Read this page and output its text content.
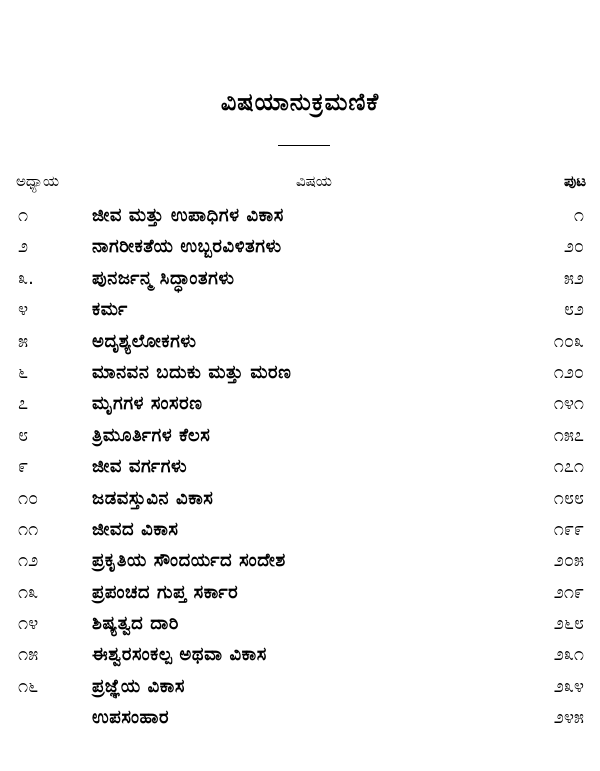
ವಿಷಯಾನುಕ್ರಮಣಿಕೆ
ಅಧ್ಯಾಯ	ವಿಷಯ	ಪುಟ
೧	ಜೀವ ಮತ್ತು ಉಪಾಧಿಗಳ ವಿಕಾಸ	೧
೨	ನಾಗರೀಕತೆಯ ಉಬ್ಬರವಿಳಿತಗಳು	೨೦
೩.	ಪುನರ್ಜನ್ಮ ಸಿದ್ಧಾಂತಗಳು	೫೨
೪	ಕರ್ಮ	೮೨
೫	ಅದೃಶ್ಯಲೋಕಗಳು	೧೦೩
೬	ಮಾನವನ ಬದುಕು ಮತ್ತು ಮರಣ	೧೨೦
೭	ಮೃಗಗಳ ಸಂಸರಣ	೧೪೧
೮	ತ್ರಿಮೂರ್ತಿಗಳ ಕೆಲಸ	೧೫೭
೯	ಜೀವ ವರ್ಗಗಳು	೧೭೧
೧೦	ಜಡವಸ್ತುವಿನ ವಿಕಾಸ	೧೮೮
೧೧	ಜೀವದ ವಿಕಾಸ	೧೯೯
೧೨	ಪ್ರಕೃತಿಯ ಸೌಂದರ್ಯದ ಸಂದೇಶ	೨೦೫
೧೩	ಪ್ರಪಂಚದ ಗುಪ್ತ ಸರ್ಕಾರ	೨೧೯
೧೪	ಶಿಷ್ಯತ್ವದ ದಾರಿ	೨೬೮
೧೫	ಈಶ್ವರಸಂಕಲ್ಪ ಅಥವಾ ವಿಕಾಸ	೨೩೧
೧೬	ಪ್ರಜ್ಞೆಯ ವಿಕಾಸ	೨೩೪
ಉಪಸಂಹಾರ	೨೪೫
